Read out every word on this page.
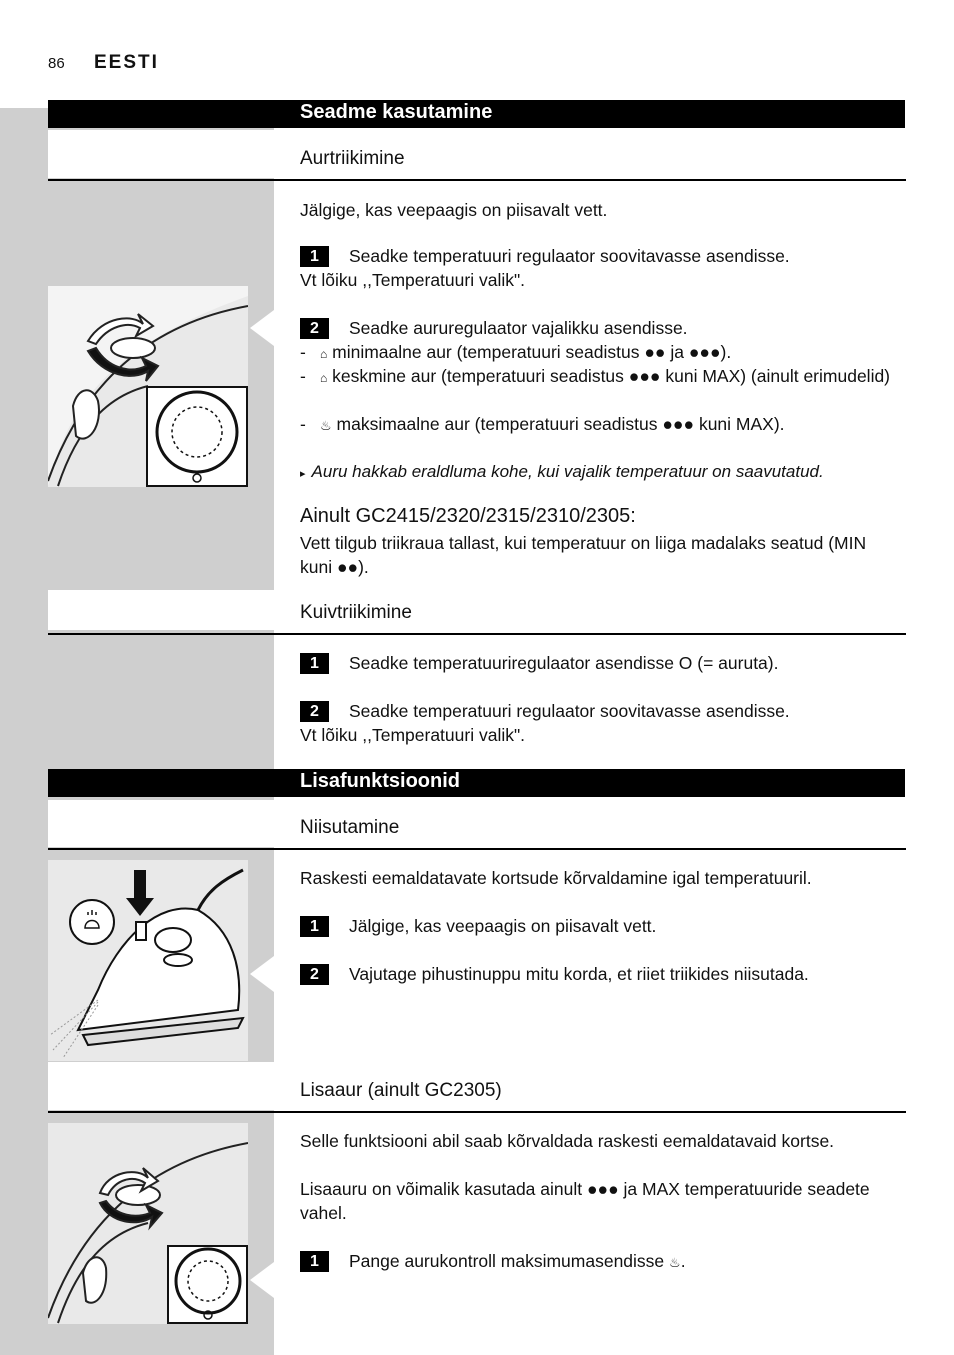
86 EESTI
Seadme kasutamine
Aurtriikimine
Jälgige, kas veepaagis on piisavalt vett.
1 Seadke temperatuuri regulaator soovitavasse asendisse.
Vt lõiku ,,Temperatuuri valik".
2 Seadke aururegulaator vajalikku asendisse.
- ⌂ minimaalne aur (temperatuuri seadistus ●● ja ●●●).
- ⌂ keskmine aur (temperatuuri seadistus ●●● kuni MAX) (ainult erimudelid)
- ♨ maksimaalne aur (temperatuuri seadistus ●●● kuni MAX).
▸ Auru hakkab eraldluma kohe, kui vajalik temperatuur on saavutatud.
Ainult GC2415/2320/2315/2310/2305:
Vett tilgub triikraua tallast, kui temperatuur on liiga madalaks seatud (MIN kuni ●●).
Kuivtriikimine
1 Seadke temperatuuriregulaator asendisse O (= auruta).
2 Seadke temperatuuri regulaator soovitavasse asendisse.
Vt lõiku ,,Temperatuuri valik".
Lisafunktsioonid
Niisutamine
Raskesti eemaldatavate kortsude kõrvaldamine igal temperatuuril.
1 Jälgige, kas veepaagis on piisavalt vett.
2 Vajutage pihustinuppu mitu korda, et riiet triikides niisutada.
Lisaaur (ainult GC2305)
Selle funktsiooni abil saab kõrvaldada raskesti eemaldatavaid kortse.
Lisaauru on võimalik kasutada ainult ●●● ja MAX temperatuuride seadete vahel.
1 Pange aurukontroll maksimumasendisse ♨.
